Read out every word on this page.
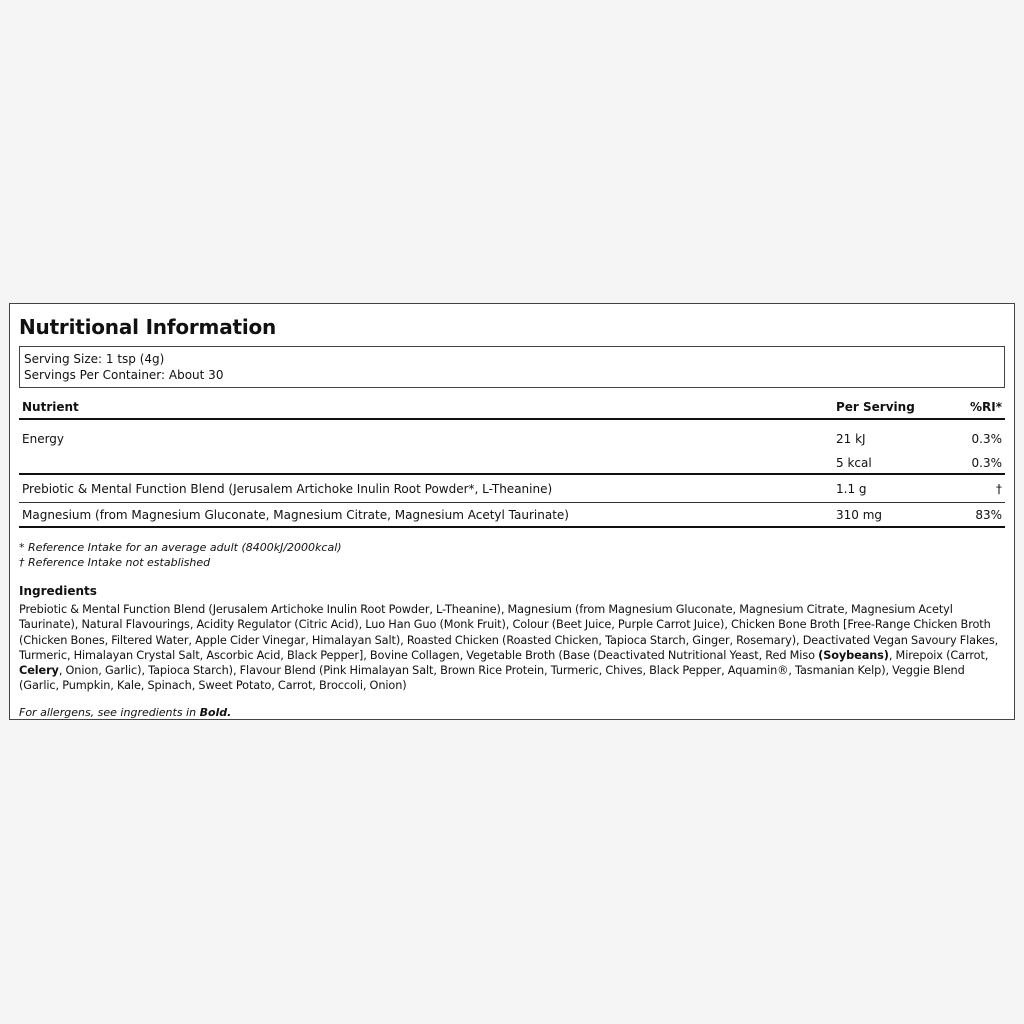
Nutritional Information
Serving Size: 1 tsp (4g)
Servings Per Container: About 30
Nutrient	Per Serving	%RI*
Energy	21 kJ	0.3%
	5 kcal	0.3%
Prebiotic & Mental Function Blend (Jerusalem Artichoke Inulin Root Powder*, L-Theanine)	1.1 g	†
Magnesium (from Magnesium Gluconate, Magnesium Citrate, Magnesium Acetyl Taurinate)	310 mg	83%
* Reference Intake for an average adult (8400kJ/2000kcal)
† Reference Intake not established
Ingredients
Prebiotic & Mental Function Blend (Jerusalem Artichoke Inulin Root Powder, L-Theanine), Magnesium (from Magnesium Gluconate, Magnesium Citrate, Magnesium Acetyl Taurinate), Natural Flavourings, Acidity Regulator (Citric Acid), Luo Han Guo (Monk Fruit), Colour (Beet Juice, Purple Carrot Juice), Chicken Bone Broth [Free-Range Chicken Broth (Chicken Bones, Filtered Water, Apple Cider Vinegar, Himalayan Salt), Roasted Chicken (Roasted Chicken, Tapioca Starch, Ginger, Rosemary), Deactivated Vegan Savoury Flakes, Turmeric, Himalayan Crystal Salt, Ascorbic Acid, Black Pepper], Bovine Collagen, Vegetable Broth (Base (Deactivated Nutritional Yeast, Red Miso (Soybeans), Mirepoix (Carrot, Celery, Onion, Garlic), Tapioca Starch), Flavour Blend (Pink Himalayan Salt, Brown Rice Protein, Turmeric, Chives, Black Pepper, Aquamin®, Tasmanian Kelp), Veggie Blend (Garlic, Pumpkin, Kale, Spinach, Sweet Potato, Carrot, Broccoli, Onion)
For allergens, see ingredients in Bold.
